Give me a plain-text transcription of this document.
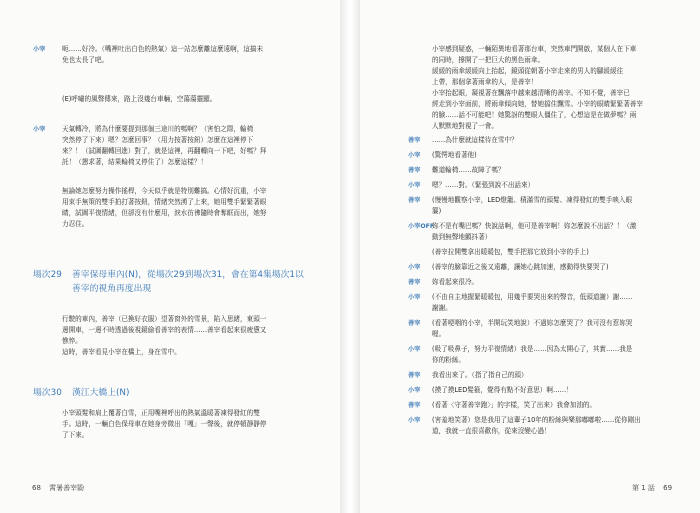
小宰	呃……好冷。（嘴裡吐出白色的熱氣）這一站怎麼離這麼遠啊，這搞未
免也太長了吧。
(E)呼嘯的風聲傳來，路上沒幾台車輛，空蕩蕩靈顯。
小宰	天氣轉冷，將為什麼要提到那個三途川的嗎啊？（害怕之際，輪椅
突然停了下來）嗯？怎麼回事？（用力按著按鈕）怎麼在這裡停下
來？！（試圖翻轉回進）對了，就是這裡，再翻轉向一下吧，好嗎？拜
託！（懇求著，結果輪椅又停住了）怎麼這樣？！
無論她怎麼努力操作搖桿，今天似乎就是特別難搞。心情好沉重，小宰
用束手無策的雙手拍打著按鈕，情緒突然湧了上來，她用雙手緊緊著眼
睛，試圖平復情緒，但卻沒有什麼用，淚水彷彿隨時會奪眶而出，她努
力忍住。
場次29 善宰保母車內(N)，從場次29到場次31，會在第4集場次1以
善宰的視角再度出現
行駛的車內，善宰（已換好衣服）望著窗外的雪景，陷入思緒，東頭一
邊開車，一邊不時透過後視鏡偷看善宰的表情……善宰看起來很疲憊又
憔悴。
這時，善宰看見小宰在橋上，身在雪中。
場次30 漢江大橋上(N)
小宰頭髮和肩上覆著白雪，正用嘴裡呼出的熱氣溫暖著凍得發紅的雙
手。這時，一輛白色保母車在她身旁微出「嘎」一聲後，就停頓靜靜停
了下來。
68 霄暑善宰鼢
小宰感到疑惑，一輛陌異地看著那台車，突然車門開啟，某個人在下車
的同時，撐開了一把巨大的黑色雨傘。
緩緩的雨傘緩緩向上抬起，鏡頭從朝著小宰走來的男人的腳緩緩往
上帶，那個拿著雨傘的人，是善宰！
小宰抬起眼，凝視著在飄落中越來越清晰的善宰。不知不覺，善宰已
經走到小宰面前，將雨傘傾向她，替她擋住飄雪。小宰的眼睛緊緊著善宰
的臉……話不可能吧！她驚訝的雙眼人僵住了，心想這是在做夢嗎？兩
人默默地對視了一會。
善宰 ……為什麼就這樣待在雪中？
小宰 (驚愕地看著他)
善宰 難道輪椅……故障了嗎？
小宰 嗯？……對。（緊張到說不出話來）
善宰 (慢慢地觀察小宰，LED燈籠、積滿雪的頭髮、凍得發紅的雙手映入眼
簾)
小宰OFF
妳不是有嘴巴嗎？快說話啊，他可是善宰啊！妳怎麼說不出話？！（激
動到無聲地顫抖著）
(善宰拉開雙拿出暖暖包，雙手把那它放到小宰的手上)
小宰 (善宰的臉靠近之後又遠離，讓她心跳加速，感動得快要哭了)
善宰 妳看起來很冷。
小宰 (不由自主地握緊暖暖包，用幾乎要哭出來的聲音，低頭道謝）謝……
謝謝。
善宰 (看著哽咽的小宰，半開玩笑地說）不過妳怎麼哭了？我可沒有惹妳哭
喔。
小宰 (吸了吸鼻子，努力平復情緒）我是……因為太開心了，其實……我是
你的粉絲。
善宰 我看出來了。（指了指自己的頭）
小宰 (摸了摸LED髮箍，覺得有點不好意思）啊……！
善宰 (看著〈守著善宰跑〉」的字樣，笑了出來）我會加油的。
小宰 (害羞地笑著）您是我用了這輩子10年的粉絲與樂那嘟嘟啦……從你剛出
道，我就一直很喜歡你，從來沒變心過！
第 1 話 69
